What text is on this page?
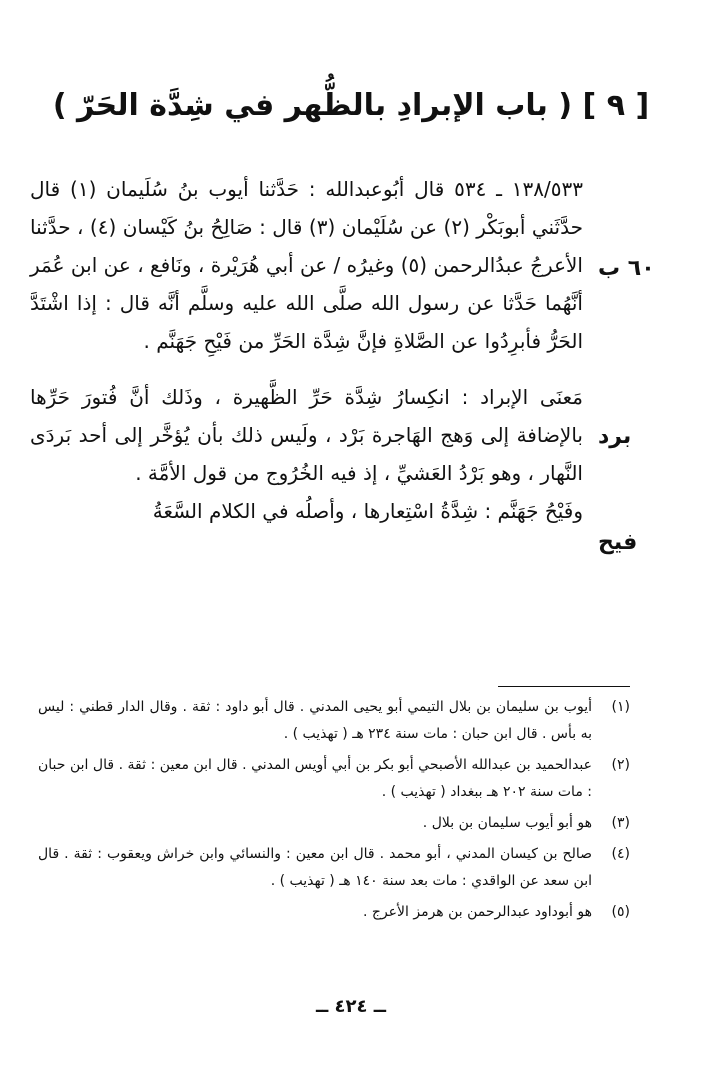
[ ٩ ] ( باب الإبرادِ بالظُّهر في شِدَّة الحَرّ )
٦٠ ب
برد
فيح

١٣٨/٥٣٣ ـ ٥٣٤ قال أبُوعبدالله : حَدَّثنا أيوب بنُ سُلَيمان (١) قال حدَّثَني أبوبَكْر (٢) عن سُلَيْمان (٣) قال : صَالِحُ بنُ كَيْسان (٤) ، حدَّثنا الأعرجُ عبدُالرحمن (٥) وغيرُه / عن أبي هُرَيْرة ، ونَافع ، عن ابن عُمَر أنَّهُما حَدَّثا عن رسول الله صلَّى الله عليه وسلَّم أنَّه قال : إذا اشْتَدَّ الحَرُّ فأبرِدُوا عن الصَّلاةِ فإنَّ شِدَّة الحَرِّ من فَيْحِ جَهَنَّم .

مَعنَى الإبراد : انكِسارُ شِدَّة حَرِّ الظَّهيرة ، وذَلك أنَّ فُتورَ حَرِّها بالإضافة إلى وَهج الهَاجرة بَرْد ، ولَيس ذلك بأن يُؤخَّر إلى أحد بَردَى النَّهار ، وهو بَرْدُ العَشيِّ ، إذ فيه الخُرُوج من قول الأمَّة .

وفَيْحُ جَهَنَّم : شِدَّةُ اسْتِعارها ، وأصلُه في الكلام السَّعَةُ

(١)
أيوب بن سليمان بن بلال التيمي أبو يحيى المدني . قال أبو داود : ثقة . وقال الدار قطني : ليس به بأس . قال ابن حبان : مات سنة ٢٣٤ هـ ( تهذيب ) .
(٢)
عبدالحميد بن عبدالله الأصبحي أبو بكر بن أبي أويس المدني . قال ابن معين : ثقة . قال ابن حبان : مات سنة ٢٠٢ هـ ببغداد ( تهذيب ) .
(٣)
هو أبو أيوب سليمان بن بلال .
(٤)
صالح بن كيسان المدني ، أبو محمد . قال ابن معين : والنسائي وابن خراش ويعقوب : ثقة . قال ابن سعد عن الواقدي : مات بعد سنة ١٤٠ هـ ( تهذيب ) .
(٥)
هو أبوداود عبدالرحمن بن هرمز الأعرج .
ــ ٤٢٤ ــ
